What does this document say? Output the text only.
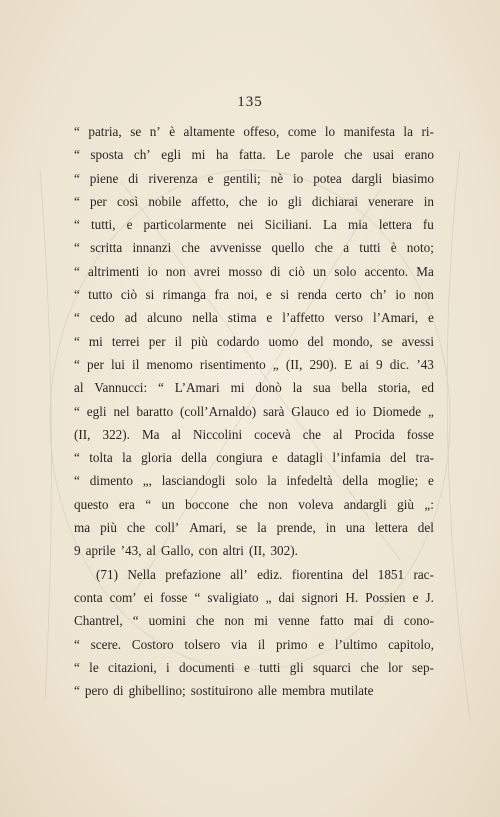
135
“ patria, se n’ è altamente offeso, come lo manifesta la ri-
“ sposta ch’ egli mi ha fatta. Le parole che usai erano
“ piene di riverenza e gentili; nè io potea dargli biasimo
“ per così nobile affetto, che io gli dichiarai venerare in
“ tutti, e particolarmente nei Siciliani. La mia lettera fu
“ scritta innanzi che avvenisse quello che a tutti è noto;
“ altrimenti io non avrei mosso di ciò un solo accento. Ma
“ tutto ciò si rimanga fra noi, e si renda certo ch’ io non
“ cedo ad alcuno nella stima e l’affetto verso l’Amari, e
“ mi terrei per il più codardo uomo del mondo, se avessi
“ per lui il menomo risentimento „ (II, 290). E ai 9 dic. ’43
al Vannucci: “ L’Amari mi donò la sua bella storia, ed
“ egli nel baratto (coll’Arnaldo) sarà Glauco ed io Diomede „
(II, 322). Ma al Niccolini cocevà che al Procida fosse
“ tolta la gloria della congiura e datagli l’infamia del tra-
“ dimento „, lasciandogli solo la infedeltà della moglie; e
questo era “ un boccone che non voleva andargli giù „:
ma più che coll’ Amari, se la prende, in una lettera del
9 aprile ’43, al Gallo, con altri (II, 302).
(71) Nella prefazione all’ ediz. fiorentina del 1851 rac-
conta com’ ei fosse “ svaligiato „ dai signori H. Possien e J.
Chantrel, “ uomini che non mi venne fatto mai di cono-
“ scere. Costoro tolsero via il primo e l’ultimo capitolo,
“ le citazioni, i documenti e tutti gli squarci che lor sep-
“ pero di ghibellino; sostituirono alle membra mutilate
